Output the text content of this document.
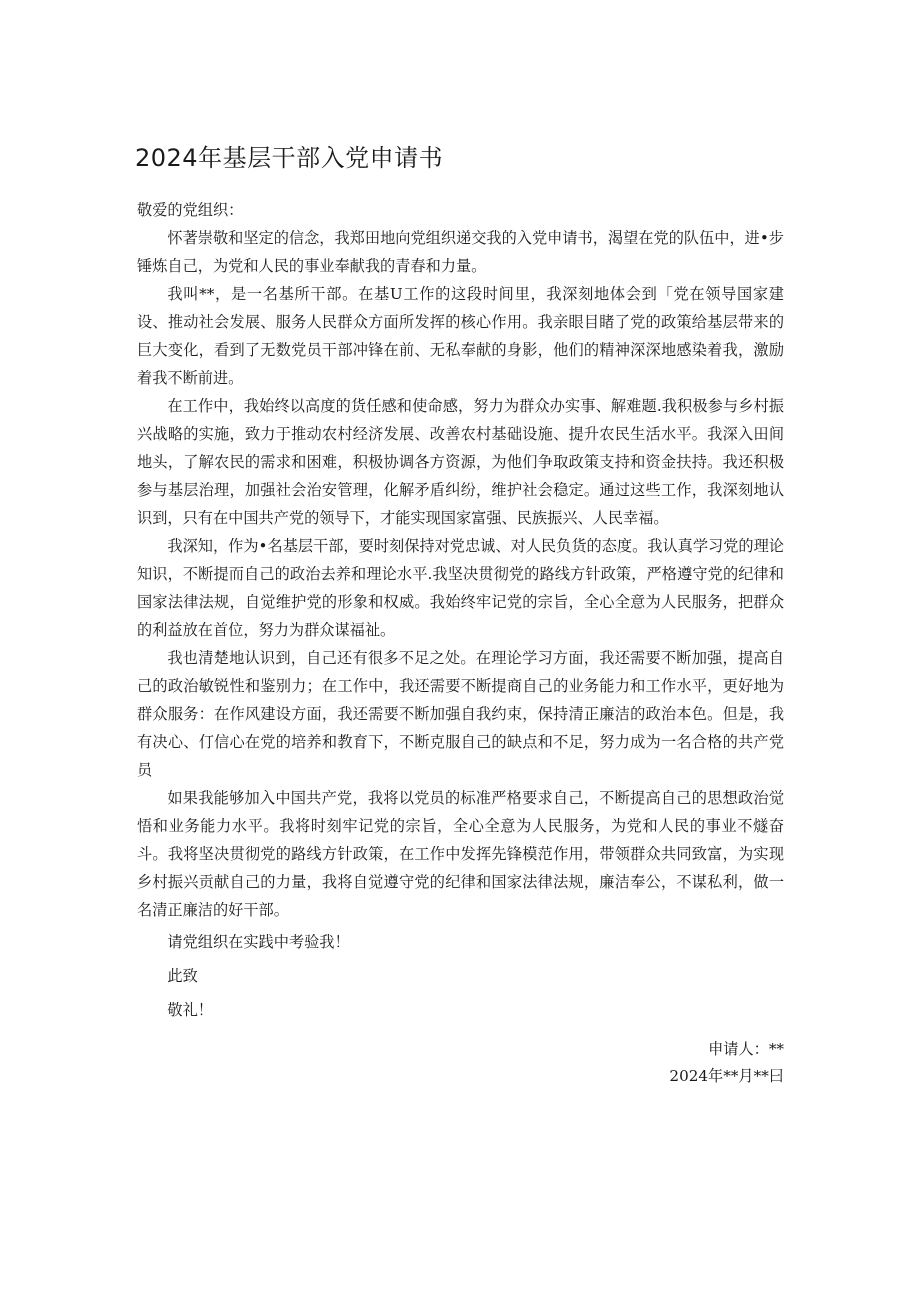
2024年基层干部入党申请书

敬爱的党组织：

怀著崇敬和坚定的信念，我郑田地向党组织递交我的入党申请书，渴望在党的队伍中，进•步锤炼自己，为党和人民的事业奉献我的青春和力量。

我叫**，是一名基所干部。在基U工作的这段时间里，我深刻地体会到「党在领导国家建设、推动社会发展、服务人民群众方面所发挥的核心作用。我亲眼目睹了党的政策给基层带来的巨大变化，看到了无数党员干部冲锋在前、无私奉献的身影，他们的精神深深地感染着我，激励着我不断前进。

在工作中，我始终以高度的货任感和使命感，努力为群众办实事、解难题.我积极参与乡村振兴战略的实施，致力于推动农村经济发展、改善农村基础设施、提升农民生活水平。我深入田间地头，了解农民的需求和困难，积极协调各方资源，为他们争取政策支持和资金扶持。我还积极参与基层治理，加强社会治安管理，化解矛盾纠纷，维护社会稳定。通过这些工作，我深刻地认识到，只有在中国共产党的领导下，才能实现国家富强、民族振兴、人民幸福。

我深知，作为•名基层干部，要时刻保持对党忠诚、对人民负货的态度。我认真学习党的理论知识，不断提而自己的政治去养和理论水平.我坚决贯彻党的路线方针政策，严格遵守党的纪律和国家法律法规，自觉维护党的形象和权威。我始终牢记党的宗旨，全心全意为人民服务，把群众的利益放在首位，努力为群众谋福祉。

我也清楚地认识到，自己还有很多不足之处。在理论学习方面，我还需要不断加强，提高自己的政治敏锐性和鉴别力；在工作中，我还需要不断提商自己的业务能力和工作水平，更好地为群众服务：在作风建设方面，我还需要不断加强自我约束，保持清正廉洁的政治本色。但是，我有决心、仃信心在党的培养和教育下，不断克服自己的缺点和不足，努力成为一名合格的共产党员

如果我能够加入中国共产党，我将以党员的标准严格要求自己，不断提高自己的思想政治觉悟和业务能力水平。我将时刻牢记党的宗旨，全心全意为人民服务，为党和人民的事业不燧奋斗。我将坚决贯彻党的路线方针政策，在工作中发挥先锋模范作用，带领群众共同致富，为实现乡村振兴贡献自己的力量，我将自觉遵守党的纪律和国家法律法规，廉洁奉公，不谋私利，做一名清正廉洁的好干部。

请党组织在实践中考验我！

此致

敬礼！

申请人：**
2024年**月**曰
